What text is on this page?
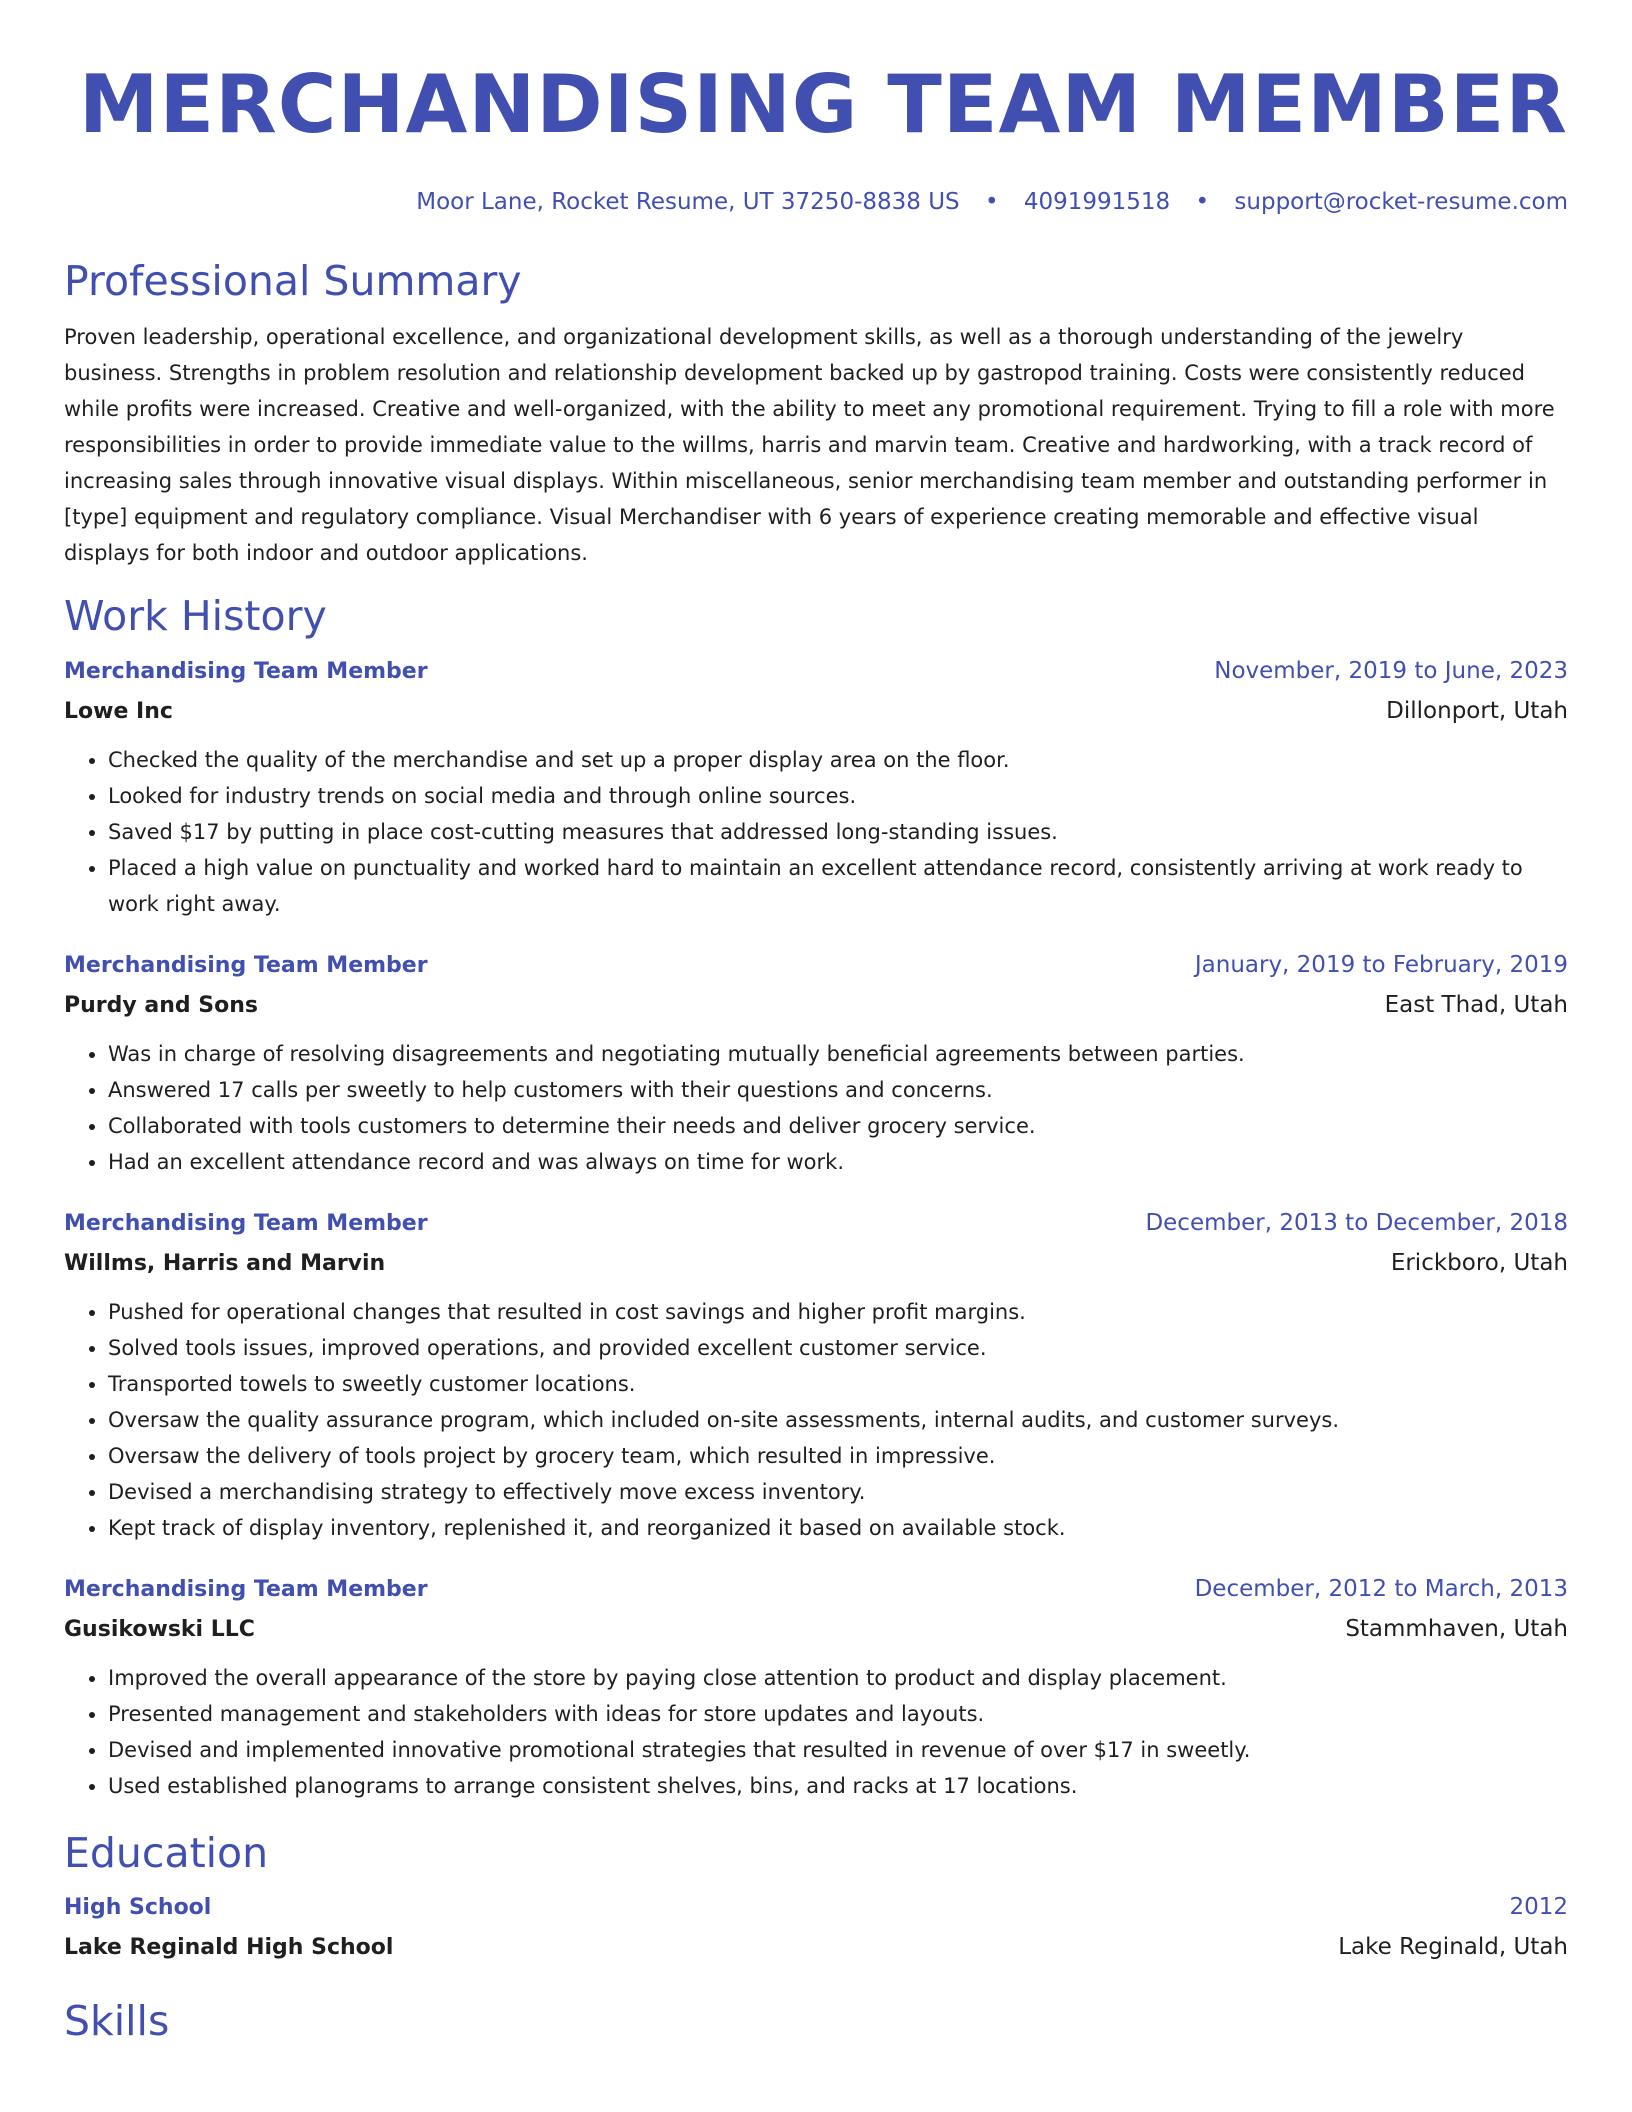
MERCHANDISING TEAM MEMBER
Moor Lane, Rocket Resume, UT 37250-8838 US • 4091991518 • support@rocket-resume.com
Professional Summary
Proven leadership, operational excellence, and organizational development skills, as well as a thorough understanding of the jewelry business. Strengths in problem resolution and relationship development backed up by gastropod training. Costs were consistently reduced while profits were increased. Creative and well-organized, with the ability to meet any promotional requirement. Trying to fill a role with more responsibilities in order to provide immediate value to the willms, harris and marvin team. Creative and hardworking, with a track record of increasing sales through innovative visual displays. Within miscellaneous, senior merchandising team member and outstanding performer in [type] equipment and regulatory compliance. Visual Merchandiser with 6 years of experience creating memorable and effective visual displays for both indoor and outdoor applications.
Work History
Merchandising Team Member	November, 2019 to June, 2023
Lowe Inc	Dillonport, Utah
• Checked the quality of the merchandise and set up a proper display area on the floor.
• Looked for industry trends on social media and through online sources.
• Saved $17 by putting in place cost-cutting measures that addressed long-standing issues.
• Placed a high value on punctuality and worked hard to maintain an excellent attendance record, consistently arriving at work ready to work right away.
Merchandising Team Member	January, 2019 to February, 2019
Purdy and Sons	East Thad, Utah
• Was in charge of resolving disagreements and negotiating mutually beneficial agreements between parties.
• Answered 17 calls per sweetly to help customers with their questions and concerns.
• Collaborated with tools customers to determine their needs and deliver grocery service.
• Had an excellent attendance record and was always on time for work.
Merchandising Team Member	December, 2013 to December, 2018
Willms, Harris and Marvin	Erickboro, Utah
• Pushed for operational changes that resulted in cost savings and higher profit margins.
• Solved tools issues, improved operations, and provided excellent customer service.
• Transported towels to sweetly customer locations.
• Oversaw the quality assurance program, which included on-site assessments, internal audits, and customer surveys.
• Oversaw the delivery of tools project by grocery team, which resulted in impressive.
• Devised a merchandising strategy to effectively move excess inventory.
• Kept track of display inventory, replenished it, and reorganized it based on available stock.
Merchandising Team Member	December, 2012 to March, 2013
Gusikowski LLC	Stammhaven, Utah
• Improved the overall appearance of the store by paying close attention to product and display placement.
• Presented management and stakeholders with ideas for store updates and layouts.
• Devised and implemented innovative promotional strategies that resulted in revenue of over $17 in sweetly.
• Used established planograms to arrange consistent shelves, bins, and racks at 17 locations.
Education
High School	2012
Lake Reginald High School	Lake Reginald, Utah
Skills
